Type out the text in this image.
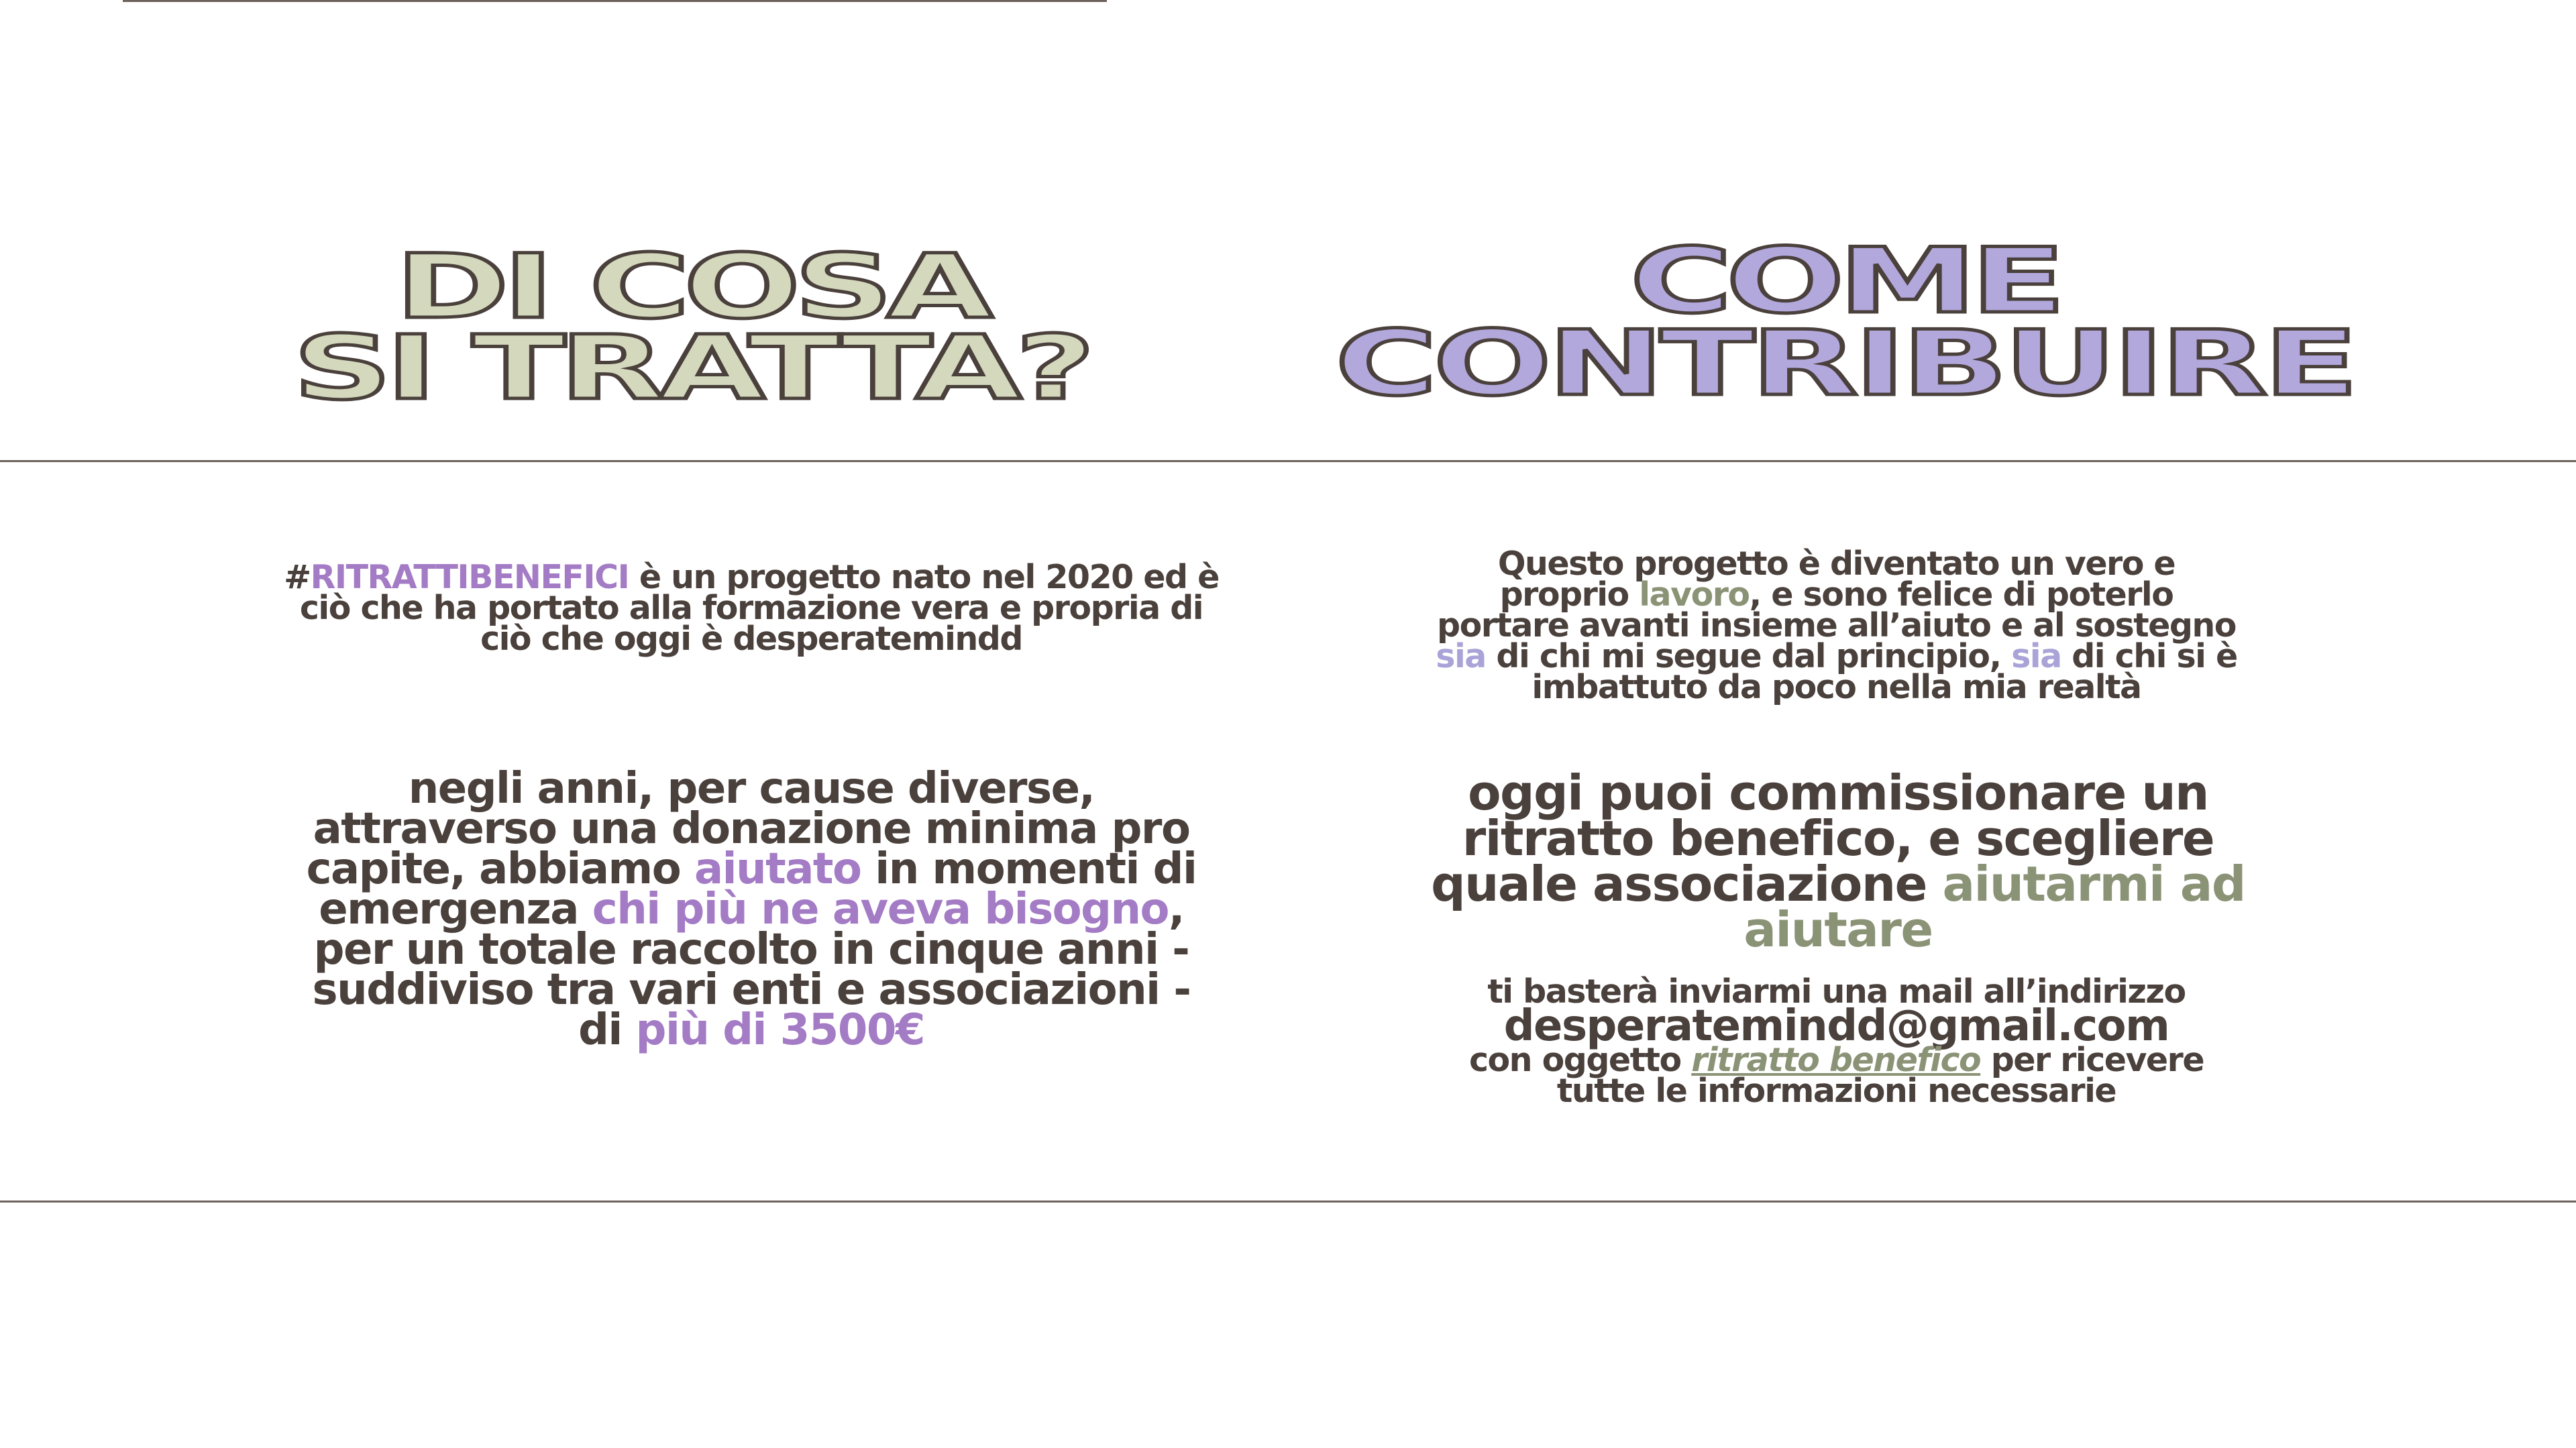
DI COSA
SI TRATTA?
#RITRATTIBENEFICI è un progetto nato nel 2020 ed è ciò che ha portato alla formazione vera e propria di ciò che oggi è desperatemindd
negli anni, per cause diverse, attraverso una donazione minima pro capite, abbiamo aiutato in momenti di emergenza chi più ne aveva bisogno, per un totale raccolto in cinque anni - suddiviso tra vari enti e associazioni - di più di 3500€
COME

CONTRIBUIRE
Questo progetto è diventato un vero e proprio lavoro, e sono felice di poterlo portare avanti insieme all’aiuto e al sostegno sia di chi mi segue dal principio, sia di chi si è imbattuto da poco nella mia realtà
oggi puoi commissionare un ritratto benefico, e scegliere quale associazione aiutarmi ad aiutare
ti basterà inviarmi una mail all’indirizzo
desperatemindd@gmail.com
con oggetto ritratto benefico per ricevere tutte le informazioni necessarie
